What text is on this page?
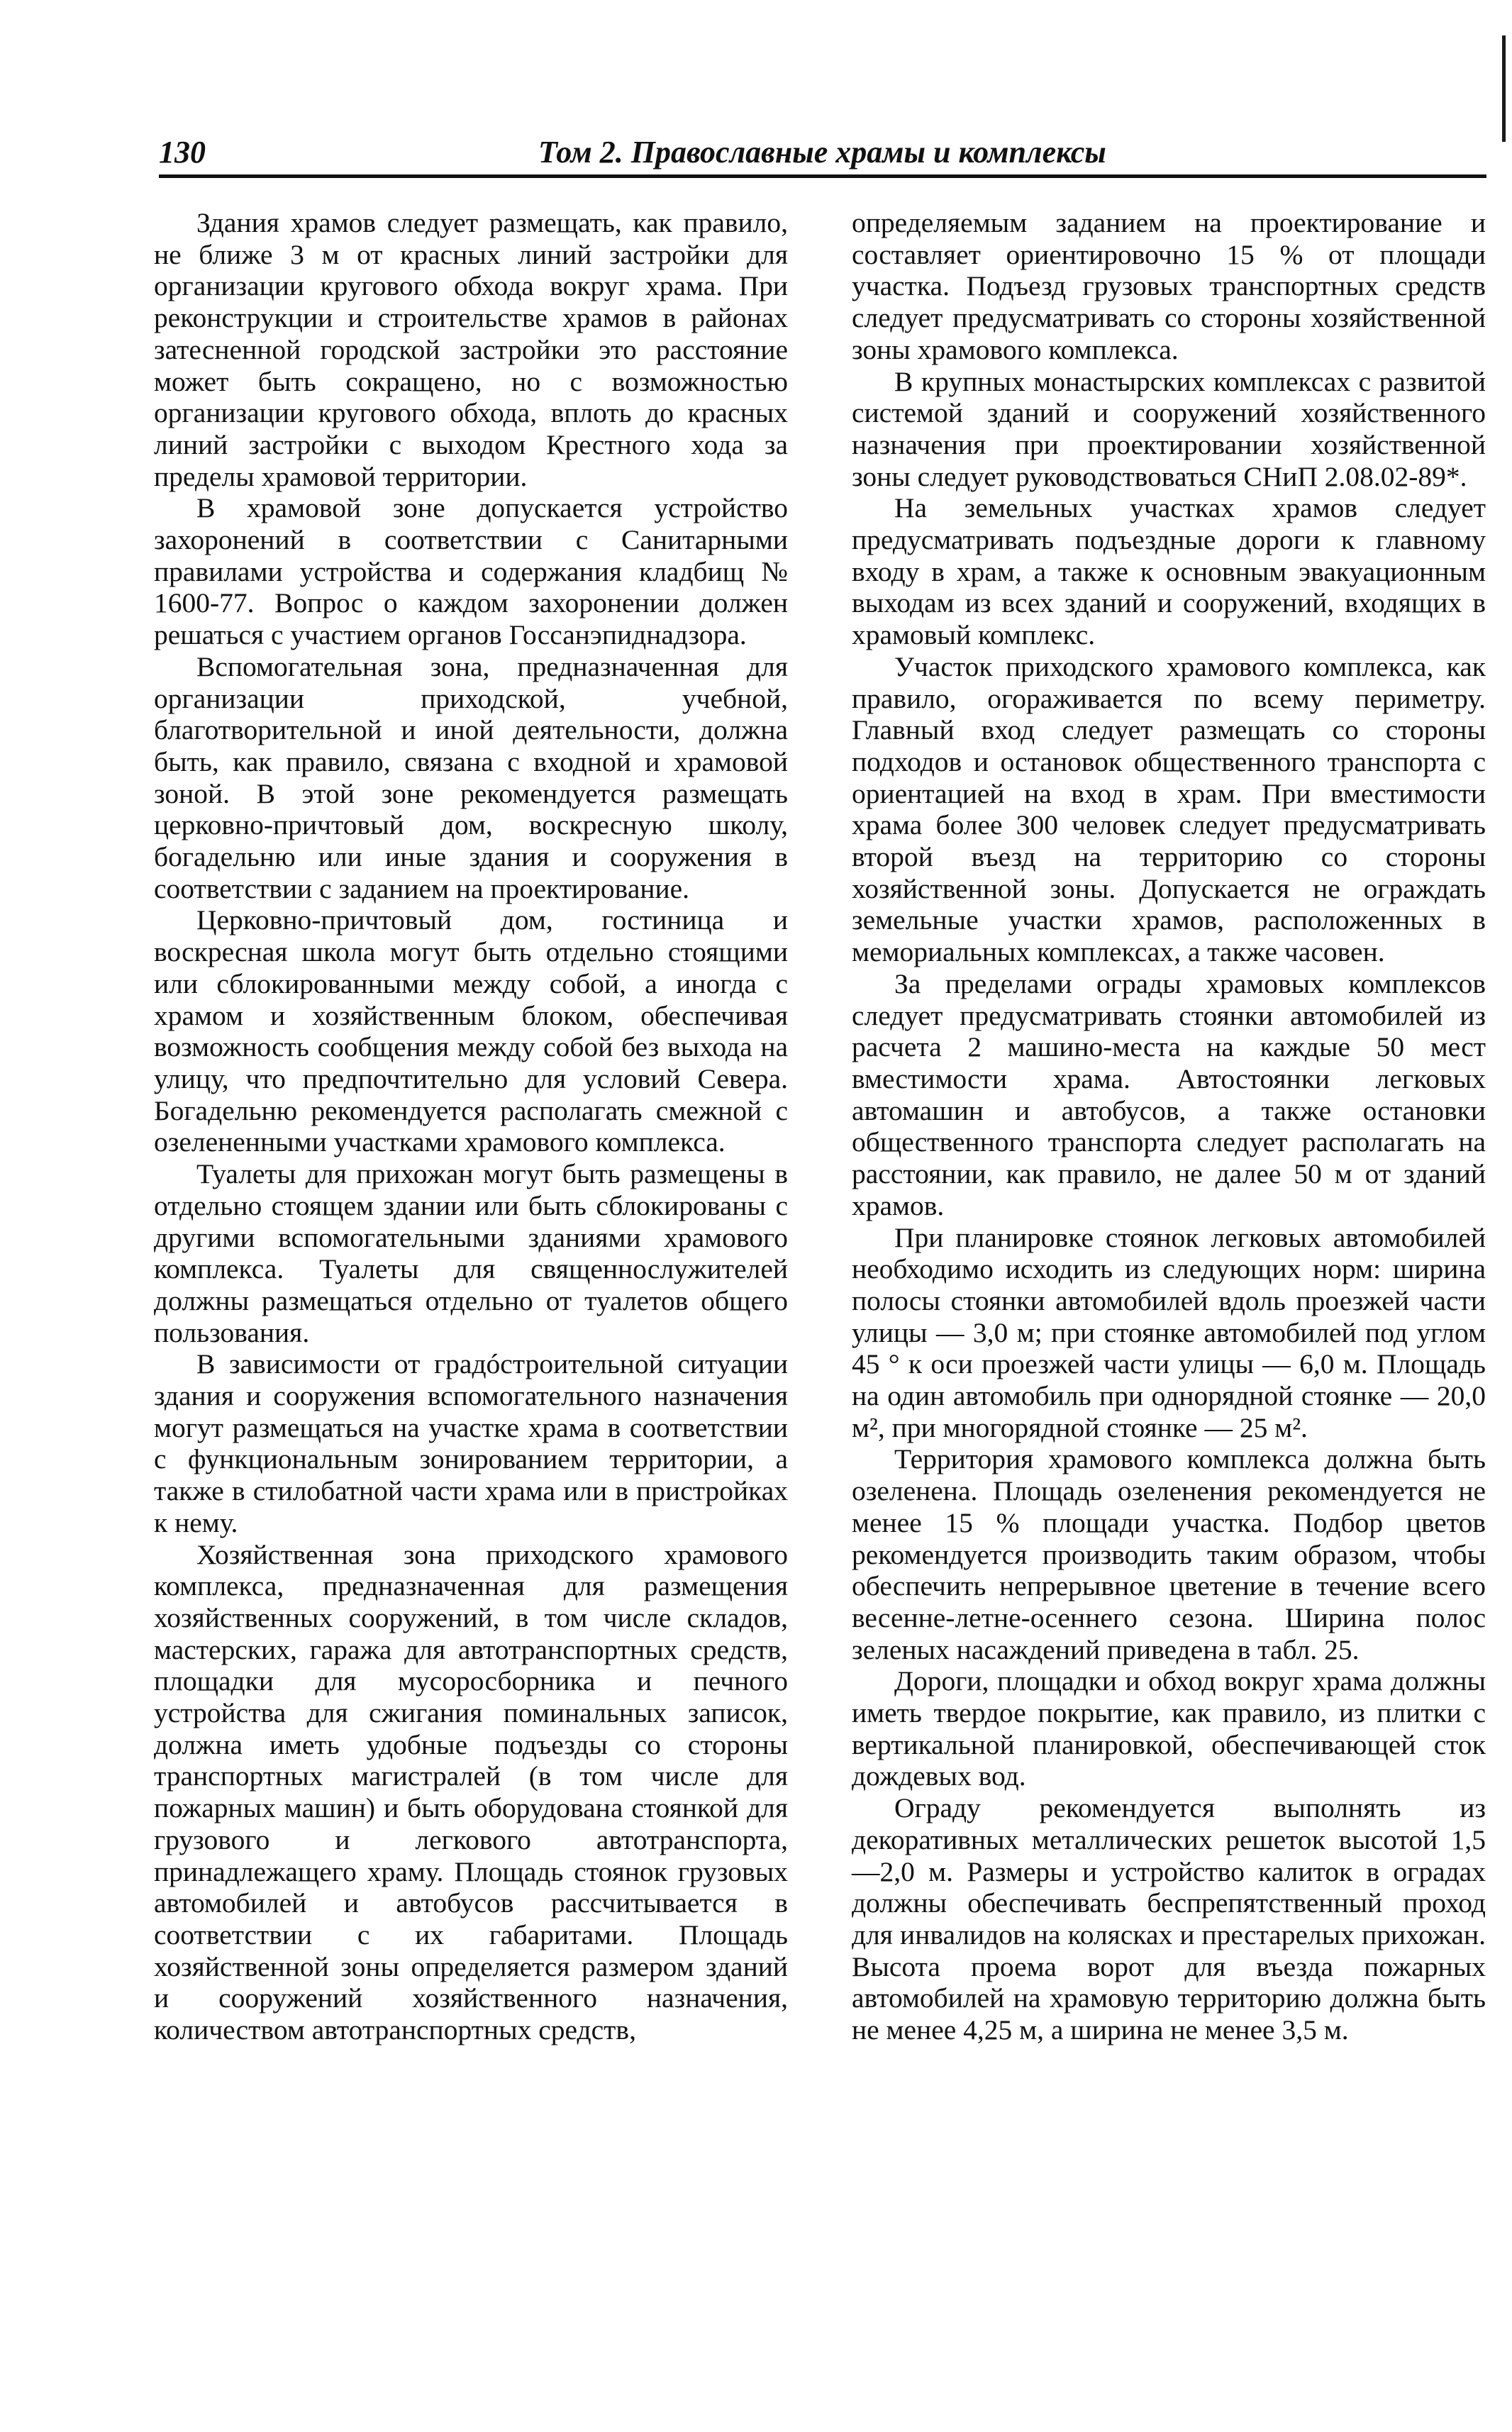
130	Том 2. Православные храмы и комплексы

Здания храмов следует размещать, как правило, не ближе 3 м от красных линий застройки для организации кругового обхода вокруг храма. При реконструкции и строительстве храмов в районах затесненной городской застройки это расстояние может быть сокращено, но с возможностью организации кругового обхода, вплоть до красных линий застройки с выходом Крестного хода за пределы храмовой территории.

В храмовой зоне допускается устройство захоронений в соответствии с Санитарными правилами устройства и содержания кладбищ № 1600-77. Вопрос о каждом захоронении должен решаться с участием органов Госсанэпиднадзора.

Вспомогательная зона, предназначенная для организации приходской, учебной, благотворительной и иной деятельности, должна быть, как правило, связана с входной и храмовой зоной. В этой зоне рекомендуется размещать церковно-причтовый дом, воскресную школу, богадельню или иные здания и сооружения в соответствии с заданием на проектирование.

Церковно-причтовый дом, гостиница и воскресная школа могут быть отдельно стоящими или сблокированными между собой, а иногда с храмом и хозяйственным блоком, обеспечивая возможность сообщения между собой без выхода на улицу, что предпочтительно для условий Севера. Богадельню рекомендуется располагать смежной с озелененными участками храмового комплекса.

Туалеты для прихожан могут быть размещены в отдельно стоящем здании или быть сблокированы с другими вспомогательными зданиями храмового комплекса. Туалеты для священнослужителей должны размещаться отдельно от туалетов общего пользования.

В зависимости от градóстроительной ситуации здания и сооружения вспомогательного назначения могут размещаться на участке храма в соответствии с функциональным зонированием территории, а также в стилобатной части храма или в пристройках к нему.

Хозяйственная зона приходского храмового комплекса, предназначенная для размещения хозяйственных сооружений, в том числе складов, мастерских, гаража для автотранспортных средств, площадки для мусоросборника и печного устройства для сжигания поминальных записок, должна иметь удобные подъезды со стороны транспортных магистралей (в том числе для пожарных машин) и быть оборудована стоянкой для грузового и легкового автотранспорта, принадлежащего храму. Площадь стоянок грузовых автомобилей и автобусов рассчитывается в соответствии с их габаритами. Площадь хозяйственной зоны определяется размером зданий и сооружений хозяйственного назначения, количеством автотранспортных средств,

определяемым заданием на проектирование и составляет ориентировочно 15 % от площади участка. Подъезд грузовых транспортных средств следует предусматривать со стороны хозяйственной зоны храмового комплекса.

В крупных монастырских комплексах с развитой системой зданий и сооружений хозяйственного назначения при проектировании хозяйственной зоны следует руководствоваться СНиП 2.08.02-89*.

На земельных участках храмов следует предусматривать подъездные дороги к главному входу в храм, а также к основным эвакуационным выходам из всех зданий и сооружений, входящих в храмовый комплекс.

Участок приходского храмового комплекса, как правило, огораживается по всему периметру. Главный вход следует размещать со стороны подходов и остановок общественного транспорта с ориентацией на вход в храм. При вместимости храма более 300 человек следует предусматривать второй въезд на территорию со стороны хозяйственной зоны. Допускается не ограждать земельные участки храмов, расположенных в мемориальных комплексах, а также часовен.

За пределами ограды храмовых комплексов следует предусматривать стоянки автомобилей из расчета 2 машино-места на каждые 50 мест вместимости храма. Автостоянки легковых автомашин и автобусов, а также остановки общественного транспорта следует располагать на расстоянии, как правило, не далее 50 м от зданий храмов.

При планировке стоянок легковых автомобилей необходимо исходить из следующих норм: ширина полосы стоянки автомобилей вдоль проезжей части улицы — 3,0 м; при стоянке автомобилей под углом 45 ° к оси проезжей части улицы — 6,0 м. Площадь на один автомобиль при однорядной стоянке — 20,0 м², при многорядной стоянке — 25 м².

Территория храмового комплекса должна быть озеленена. Площадь озеленения рекомендуется не менее 15 % площади участка. Подбор цветов рекомендуется производить таким образом, чтобы обеспечить непрерывное цветение в течение всего весенне-летне-осеннего сезона. Ширина полос зеленых насаждений приведена в табл. 25.

Дороги, площадки и обход вокруг храма должны иметь твердое покрытие, как правило, из плитки с вертикальной планировкой, обеспечивающей сток дождевых вод.

Ограду рекомендуется выполнять из декоративных металлических решеток высотой 1,5—2,0 м. Размеры и устройство калиток в оградах должны обеспечивать беспрепятственный проход для инвалидов на колясках и престарелых прихожан. Высота проема ворот для въезда пожарных автомобилей на храмовую территорию должна быть не менее 4,25 м, а ширина не менее 3,5 м.
